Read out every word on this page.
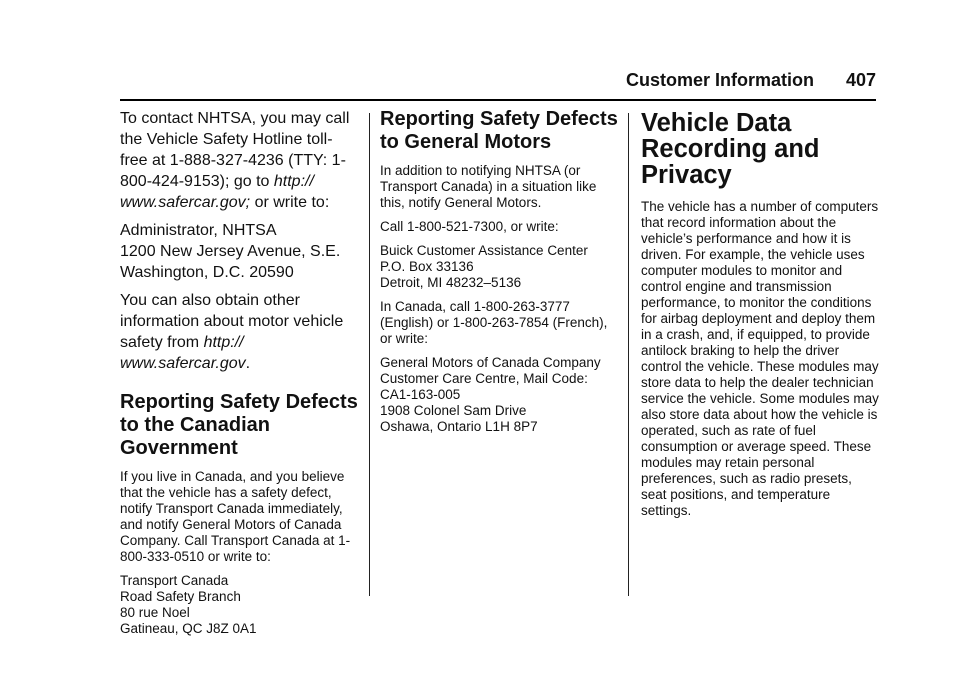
Customer Information	407

To contact NHTSA, you may call the Vehicle Safety Hotline toll-free at 1-888-327-4236 (TTY: 1-800-424-9153); go to http:// www.safercar.gov; or write to:

Administrator, NHTSA
1200 New Jersey Avenue, S.E.
Washington, D.C. 20590

You can also obtain other information about motor vehicle safety from http:// www.safercar.gov.

Reporting Safety Defects to the Canadian Government

If you live in Canada, and you believe that the vehicle has a safety defect, notify Transport Canada immediately, and notify General Motors of Canada Company. Call Transport Canada at 1-800-333-0510 or write to:

Transport Canada
Road Safety Branch
80 rue Noel
Gatineau, QC J8Z 0A1

Reporting Safety Defects to General Motors

In addition to notifying NHTSA (or Transport Canada) in a situation like this, notify General Motors.

Call 1-800-521-7300, or write:

Buick Customer Assistance Center
P.O. Box 33136
Detroit, MI 48232–5136

In Canada, call 1-800-263-3777 (English) or 1-800-263-7854 (French), or write:

General Motors of Canada Company
Customer Care Centre, Mail Code: CA1-163-005
1908 Colonel Sam Drive
Oshawa, Ontario L1H 8P7

Vehicle Data Recording and Privacy

The vehicle has a number of computers that record information about the vehicle’s performance and how it is driven. For example, the vehicle uses computer modules to monitor and control engine and transmission performance, to monitor the conditions for airbag deployment and deploy them in a crash, and, if equipped, to provide antilock braking to help the driver control the vehicle. These modules may store data to help the dealer technician service the vehicle. Some modules may also store data about how the vehicle is operated, such as rate of fuel consumption or average speed. These modules may retain personal preferences, such as radio presets, seat positions, and temperature settings.
